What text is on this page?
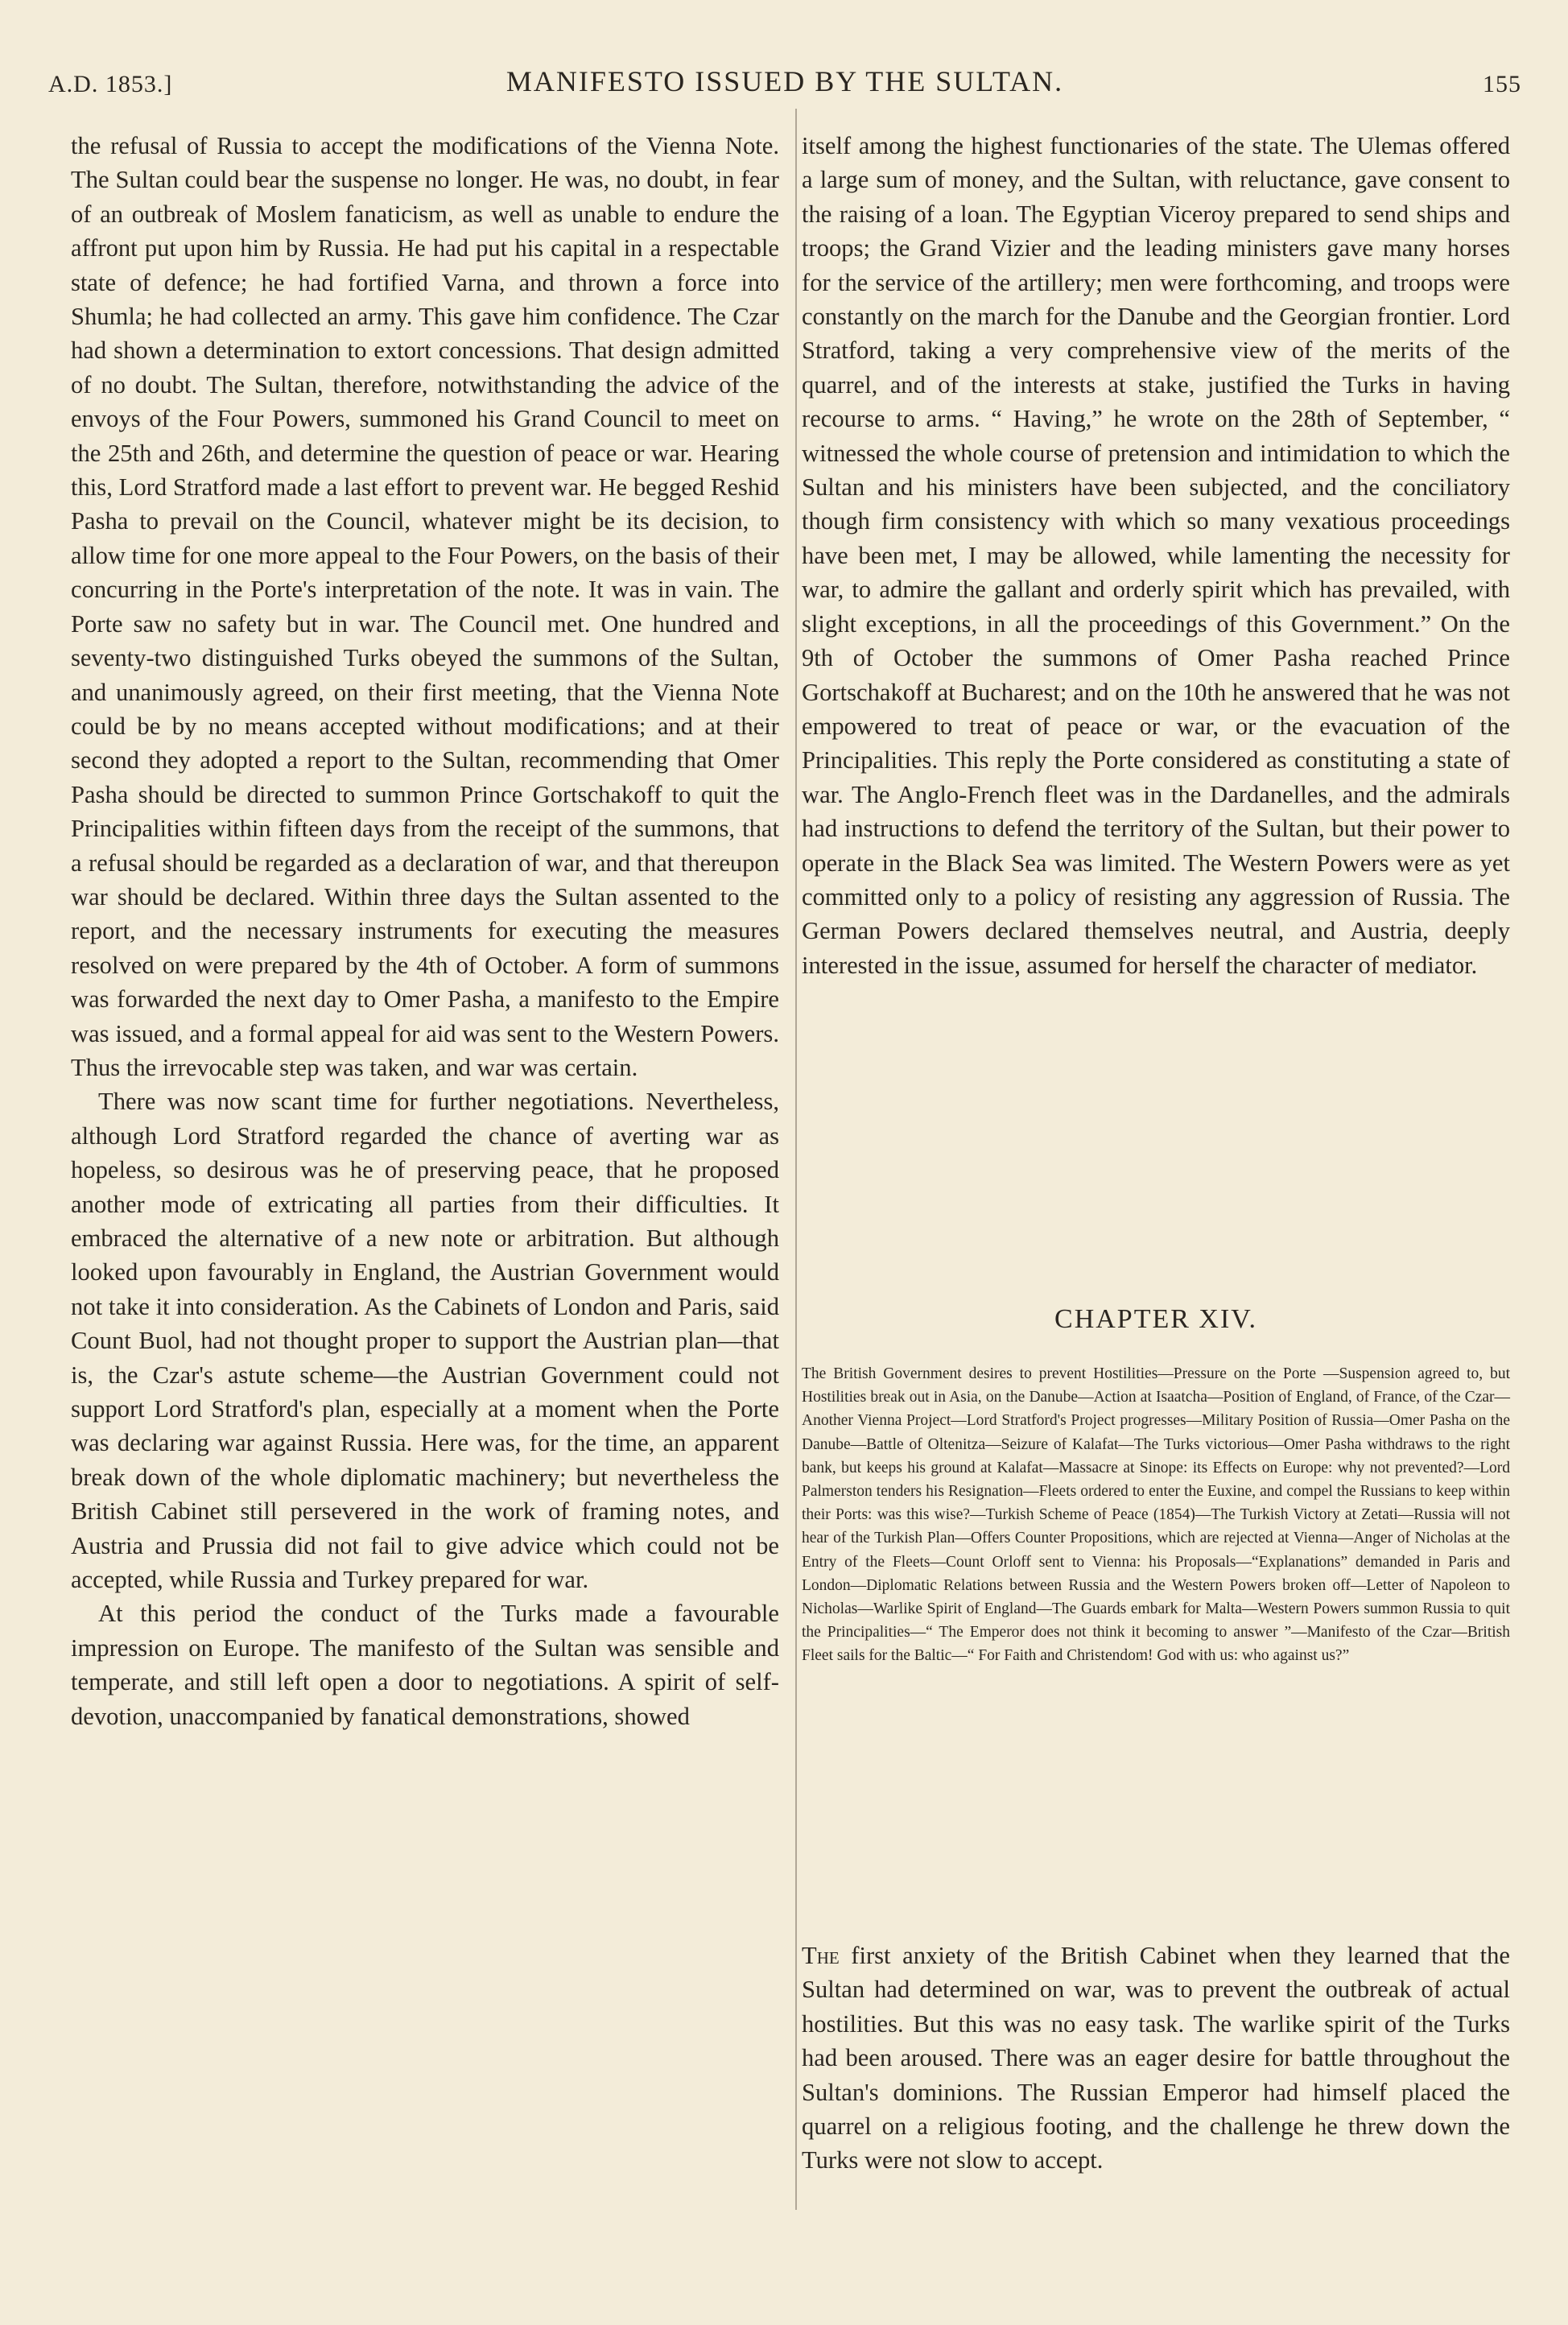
A.D. 1853.]	MANIFESTO ISSUED BY THE SULTAN.	155

the refusal of Russia to accept the modifications of the Vienna Note. The Sultan could bear the suspense no longer. He was, no doubt, in fear of an outbreak of Moslem fanaticism, as well as unable to endure the affront put upon him by Russia. He had put his capital in a respectable state of defence; he had fortified Varna, and thrown a force into Shumla; he had collected an army. This gave him confidence. The Czar had shown a determination to extort concessions. That design admitted of no doubt. The Sultan, therefore, notwithstanding the advice of the envoys of the Four Powers, summoned his Grand Council to meet on the 25th and 26th, and determine the question of peace or war. Hearing this, Lord Stratford made a last effort to prevent war. He begged Reshid Pasha to prevail on the Council, whatever might be its decision, to allow time for one more appeal to the Four Powers, on the basis of their concurring in the Porte's interpretation of the note. It was in vain. The Porte saw no safety but in war. The Council met. One hundred and seventy-two distinguished Turks obeyed the summons of the Sultan, and unanimously agreed, on their first meeting, that the Vienna Note could be by no means accepted without modifications; and at their second they adopted a report to the Sultan, recommending that Omer Pasha should be directed to summon Prince Gortschakoff to quit the Principalities within fifteen days from the receipt of the summons, that a refusal should be regarded as a declaration of war, and that thereupon war should be declared. Within three days the Sultan assented to the report, and the necessary instruments for executing the measures resolved on were prepared by the 4th of October. A form of summons was forwarded the next day to Omer Pasha, a manifesto to the Empire was issued, and a formal appeal for aid was sent to the Western Powers. Thus the irrevocable step was taken, and war was certain.

There was now scant time for further negotiations. Nevertheless, although Lord Stratford regarded the chance of averting war as hopeless, so desirous was he of preserving peace, that he proposed another mode of extricating all parties from their difficulties. It embraced the alternative of a new note or arbitration. But although looked upon favourably in England, the Austrian Government would not take it into consideration. As the Cabinets of London and Paris, said Count Buol, had not thought proper to support the Austrian plan—that is, the Czar's astute scheme—the Austrian Government could not support Lord Stratford's plan, especially at a moment when the Porte was declaring war against Russia. Here was, for the time, an apparent break down of the whole diplomatic machinery; but nevertheless the British Cabinet still persevered in the work of framing notes, and Austria and Prussia did not fail to give advice which could not be accepted, while Russia and Turkey prepared for war.

At this period the conduct of the Turks made a favourable impression on Europe. The manifesto of the Sultan was sensible and temperate, and still left open a door to negotiations. A spirit of self-devotion, unaccompanied by fanatical demonstrations, showed

itself among the highest functionaries of the state. The Ulemas offered a large sum of money, and the Sultan, with reluctance, gave consent to the raising of a loan. The Egyptian Viceroy prepared to send ships and troops; the Grand Vizier and the leading ministers gave many horses for the service of the artillery; men were forthcoming, and troops were constantly on the march for the Danube and the Georgian frontier. Lord Stratford, taking a very comprehensive view of the merits of the quarrel, and of the interests at stake, justified the Turks in having recourse to arms. “ Having,” he wrote on the 28th of September, “ witnessed the whole course of pretension and intimidation to which the Sultan and his ministers have been subjected, and the conciliatory though firm consistency with which so many vexatious proceedings have been met, I may be allowed, while lamenting the necessity for war, to admire the gallant and orderly spirit which has prevailed, with slight exceptions, in all the proceedings of this Government.” On the 9th of October the summons of Omer Pasha reached Prince Gortschakoff at Bucharest; and on the 10th he answered that he was not empowered to treat of peace or war, or the evacuation of the Principalities. This reply the Porte considered as constituting a state of war. The Anglo-French fleet was in the Dardanelles, and the admirals had instructions to defend the territory of the Sultan, but their power to operate in the Black Sea was limited. The Western Powers were as yet committed only to a policy of resisting any aggression of Russia. The German Powers declared themselves neutral, and Austria, deeply interested in the issue, assumed for herself the character of mediator.

CHAPTER XIV.
The British Government desires to prevent Hostilities—Pressure on the Porte —Suspension agreed to, but Hostilities break out in Asia, on the Danube—Action at Isaatcha—Position of England, of France, of the Czar—Another Vienna Project—Lord Stratford's Project progresses—Military Position of Russia—Omer Pasha on the Danube—Battle of Oltenitza—Seizure of Kalafat—The Turks victorious—Omer Pasha withdraws to the right bank, but keeps his ground at Kalafat—Massacre at Sinope: its Effects on Europe: why not prevented?—Lord Palmerston tenders his Resignation—Fleets ordered to enter the Euxine, and compel the Russians to keep within their Ports: was this wise?—Turkish Scheme of Peace (1854)—The Turkish Victory at Zetati—Russia will not hear of the Turkish Plan—Offers Counter Propositions, which are rejected at Vienna—Anger of Nicholas at the Entry of the Fleets—Count Orloff sent to Vienna: his Proposals—“Explanations” demanded in Paris and London—Diplomatic Relations between Russia and the Western Powers broken off—Letter of Napoleon to Nicholas—Warlike Spirit of England—The Guards embark for Malta—Western Powers summon Russia to quit the Principalities—“ The Emperor does not think it becoming to answer ”—Manifesto of the Czar—British Fleet sails for the Baltic—“ For Faith and Christendom! God with us: who against us?”

The first anxiety of the British Cabinet when they learned that the Sultan had determined on war, was to prevent the outbreak of actual hostilities. But this was no easy task. The warlike spirit of the Turks had been aroused. There was an eager desire for battle throughout the Sultan's dominions. The Russian Emperor had himself placed the quarrel on a religious footing, and the challenge he threw down the Turks were not slow to accept.
